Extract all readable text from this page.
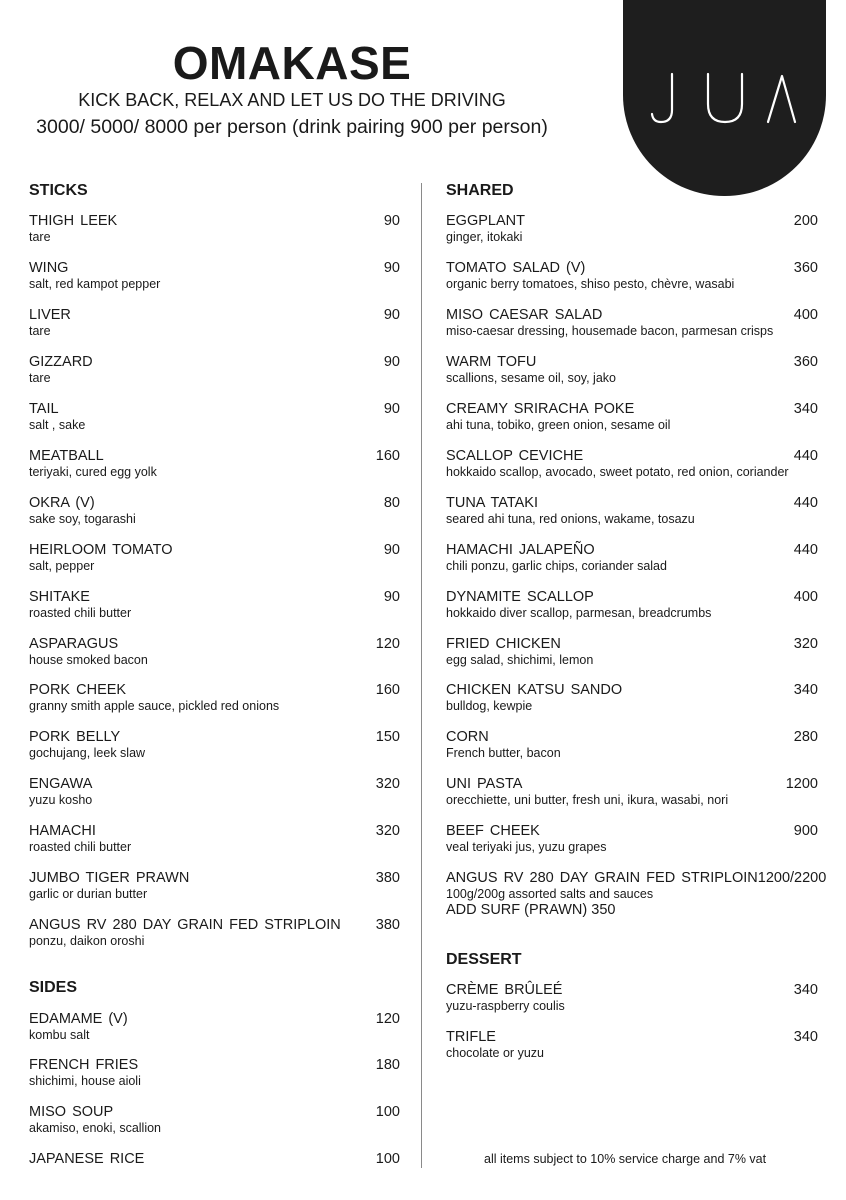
OMAKASE
KICK BACK, RELAX AND LET US DO THE DRIVING
3000/ 5000/ 8000 per person (drink pairing 900 per person)
STICKS
THIGH LEEK	90
tare
WING	90
salt, red kampot pepper
LIVER	90
tare
GIZZARD	90
tare
TAIL	90
salt , sake
MEATBALL	160
teriyaki, cured egg yolk
OKRA (V)	80
sake soy, togarashi
HEIRLOOM TOMATO	90
salt, pepper
SHITAKE	90
roasted chili butter
ASPARAGUS	120
house smoked bacon
PORK CHEEK	160
granny smith apple sauce, pickled red onions
PORK BELLY	150
gochujang, leek slaw
ENGAWA	320
yuzu kosho
HAMACHI	320
roasted chili butter
JUMBO TIGER PRAWN	380
garlic or durian butter
ANGUS RV 280 DAY GRAIN FED STRIPLOIN 380
ponzu, daikon oroshi
SIDES
EDAMAME (V)	120
kombu salt
FRENCH FRIES	180
shichimi, house aioli
MISO SOUP	100
akamiso, enoki, scallion
JAPANESE RICE	100
SHARED
EGGPLANT	200
ginger, itokaki
TOMATO SALAD (V)	360
organic berry tomatoes, shiso pesto, chèvre, wasabi
MISO CAESAR SALAD	400
miso-caesar dressing, housemade bacon, parmesan crisps
WARM TOFU	360
scallions, sesame oil, soy, jako
CREAMY SRIRACHA POKE	340
ahi tuna, tobiko, green onion, sesame oil
SCALLOP CEVICHE	440
hokkaido scallop, avocado, sweet potato, red onion, coriander
TUNA TATAKI	440
seared ahi tuna, red onions, wakame, tosazu
HAMACHI JALAPEÑO	440
chili ponzu, garlic chips, coriander salad
DYNAMITE SCALLOP	400
hokkaido diver scallop, parmesan, breadcrumbs
FRIED CHICKEN	320
egg salad, shichimi, lemon
CHICKEN KATSU SANDO	340
bulldog, kewpie
CORN	280
French butter, bacon
UNI PASTA	1200
orecchiette, uni butter, fresh uni, ikura, wasabi, nori
BEEF CHEEK	900
veal teriyaki jus, yuzu grapes
ANGUS RV 280 DAY GRAIN FED STRIPLOIN 1200/2200
100g/200g assorted salts and sauces
ADD SURF (PRAWN) 350
DESSERT
CRÈME BRÛLEÉ	340
yuzu-raspberry coulis
TRIFLE	340
chocolate or yuzu
all items subject to 10% service charge and 7% vat
